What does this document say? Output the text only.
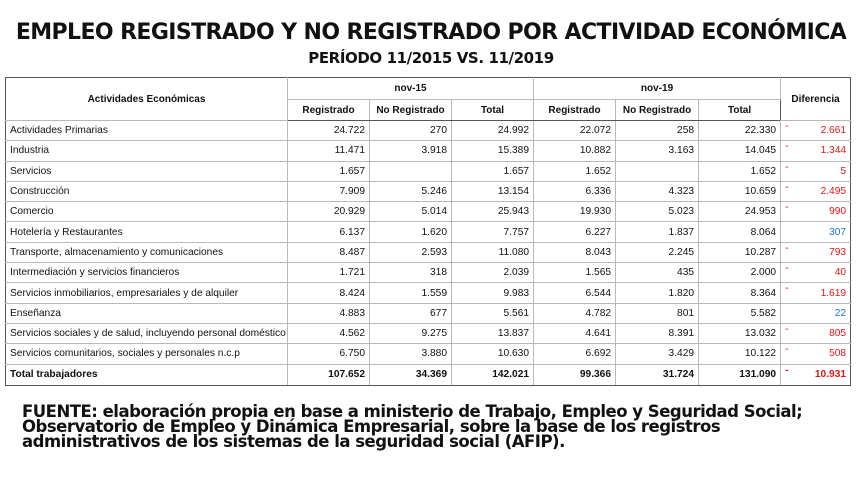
EMPLEO REGISTRADO Y NO REGISTRADO POR ACTIVIDAD ECONÓMICA
PERÍODO 11/2015 VS. 11/2019
Actividades Económicas	nov-15			nov-19			Diferencia
	Registrado	No Registrado	Total	Registrado	No Registrado	Total	
Actividades Primarias	24.722	270	24.992	22.072	258	22.330	- 2.661
Industria	11.471	3.918	15.389	10.882	3.163	14.045	- 1.344
Servicios	1.657		1.657	1.652		1.652	- 5
Construcción	7.909	5.246	13.154	6.336	4.323	10.659	- 2.495
Comercio	20.929	5.014	25.943	19.930	5.023	24.953	- 990
Hotelería y Restaurantes	6.137	1.620	7.757	6.227	1.837	8.064	307
Transporte, almacenamiento y comunicaciones	8.487	2.593	11.080	8.043	2.245	10.287	- 793
Intermediación y servicios financieros	1.721	318	2.039	1.565	435	2.000	- 40
Servicios inmobiliarios, empresariales y de alquiler	8.424	1.559	9.983	6.544	1.820	8.364	- 1.619
Enseñanza	4.883	677	5.561	4.782	801	5.582	22
Servicios sociales y de salud, incluyendo personal doméstico	4.562	9.275	13.837	4.641	8.391	13.032	- 805
Servicios comunitarios, sociales y personales n.c.p	6.750	3.880	10.630	6.692	3.429	10.122	- 508
Total trabajadores	107.652	34.369	142.021	99.366	31.724	131.090	- 10.931
FUENTE: elaboración propia en base a ministerio de Trabajo, Empleo y Seguridad Social; Observatorio de Empleo y Dinámica Empresarial, sobre la base de los registros administrativos de los sistemas de la seguridad social (AFIP).
